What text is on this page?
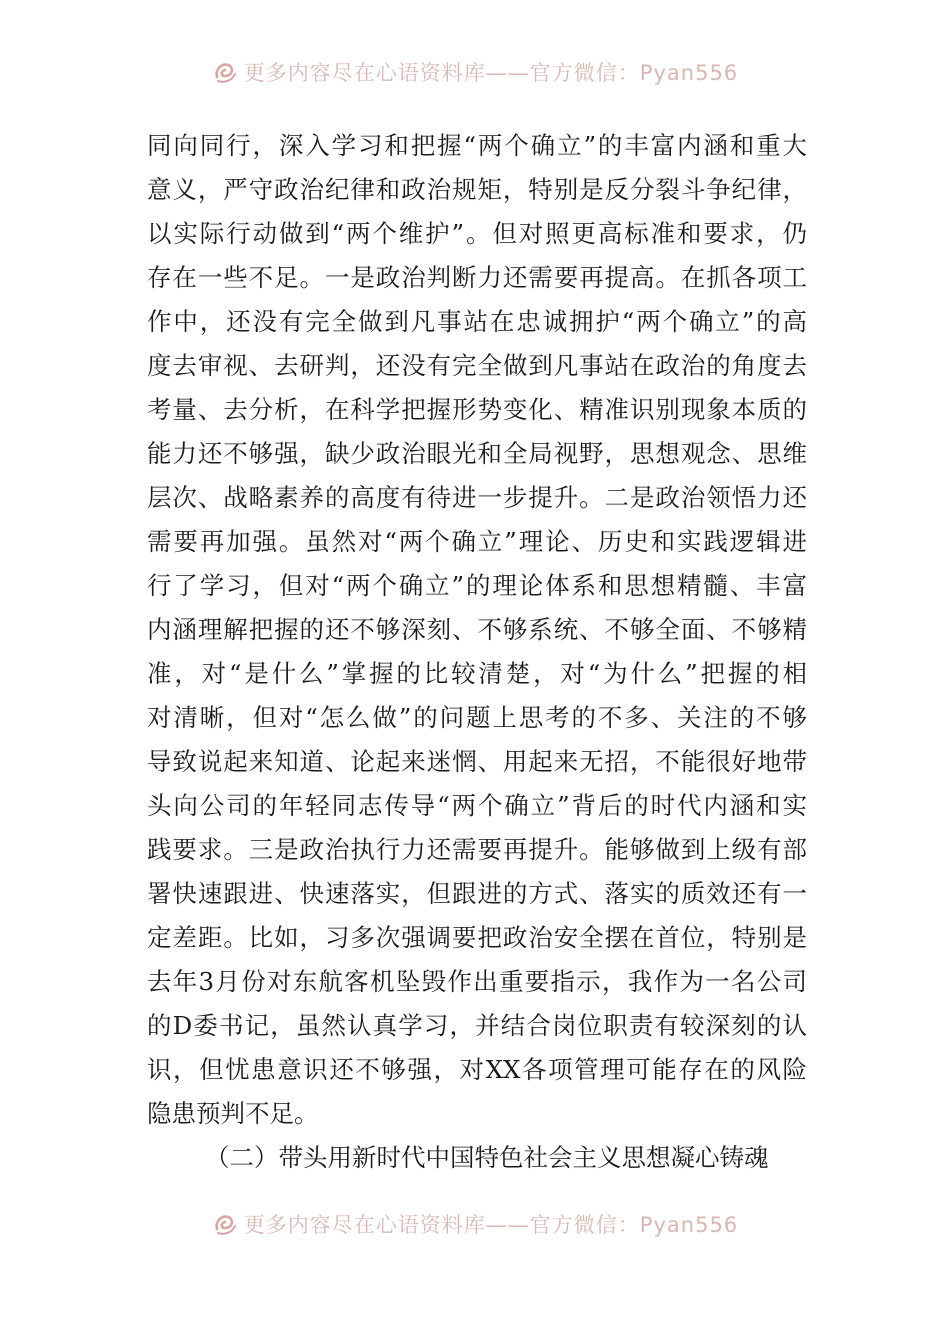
更多内容尽在心语资料库——官方微信：Pyan556
同向同行，深入学习和把握“两个确立”的丰富内涵和重大
意义，严守政治纪律和政治规矩，特别是反分裂斗争纪律，
以实际行动做到“两个维护”。但对照更高标准和要求，仍
存在一些不足。一是政治判断力还需要再提高。在抓各项工
作中，还没有完全做到凡事站在忠诚拥护“两个确立”的高
度去审视、去研判，还没有完全做到凡事站在政治的角度去
考量、去分析，在科学把握形势变化、精准识别现象本质的
能力还不够强，缺少政治眼光和全局视野，思想观念、思维
层次、战略素养的高度有待进一步提升。二是政治领悟力还
需要再加强。虽然对“两个确立”理论、历史和实践逻辑进
行了学习，但对“两个确立”的理论体系和思想精髓、丰富
内涵理解把握的还不够深刻、不够系统、不够全面、不够精
准，对“是什么”掌握的比较清楚，对“为什么”把握的相
对清晰，但对“怎么做”的问题上思考的不多、关注的不够
导致说起来知道、论起来迷惘、用起来无招，不能很好地带
头向公司的年轻同志传导“两个确立”背后的时代内涵和实
践要求。三是政治执行力还需要再提升。能够做到上级有部
署快速跟进、快速落实，但跟进的方式、落实的质效还有一
定差距。比如，习多次强调要把政治安全摆在首位，特别是
去年3月份对东航客机坠毁作出重要指示，我作为一名公司
的D委书记，虽然认真学习，并结合岗位职责有较深刻的认
识，但忧患意识还不够强，对XX各项管理可能存在的风险
隐患预判不足。
（二）带头用新时代中国特色社会主义思想凝心铸魂
更多内容尽在心语资料库——官方微信：Pyan556
